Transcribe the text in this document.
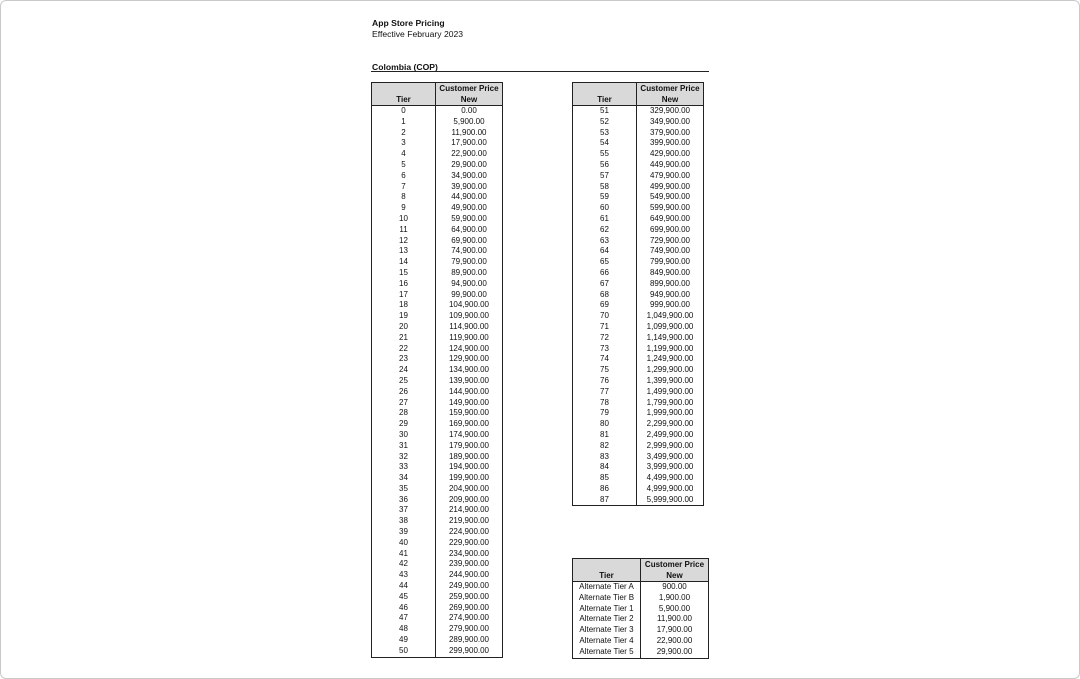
App Store Pricing
Effective February 2023
Colombia (COP)
	Customer Price
Tier	New
0	0.00
1	5,900.00
2	11,900.00
3	17,900.00
4	22,900.00
5	29,900.00
6	34,900.00
7	39,900.00
8	44,900.00
9	49,900.00
10	59,900.00
11	64,900.00
12	69,900.00
13	74,900.00
14	79,900.00
15	89,900.00
16	94,900.00
17	99,900.00
18	104,900.00
19	109,900.00
20	114,900.00
21	119,900.00
22	124,900.00
23	129,900.00
24	134,900.00
25	139,900.00
26	144,900.00
27	149,900.00
28	159,900.00
29	169,900.00
30	174,900.00
31	179,900.00
32	189,900.00
33	194,900.00
34	199,900.00
35	204,900.00
36	209,900.00
37	214,900.00
38	219,900.00
39	224,900.00
40	229,900.00
41	234,900.00
42	239,900.00
43	244,900.00
44	249,900.00
45	259,900.00
46	269,900.00
47	274,900.00
48	279,900.00
49	289,900.00
50	299,900.00
	Customer Price
Tier	New
51	329,900.00
52	349,900.00
53	379,900.00
54	399,900.00
55	429,900.00
56	449,900.00
57	479,900.00
58	499,900.00
59	549,900.00
60	599,900.00
61	649,900.00
62	699,900.00
63	729,900.00
64	749,900.00
65	799,900.00
66	849,900.00
67	899,900.00
68	949,900.00
69	999,900.00
70	1,049,900.00
71	1,099,900.00
72	1,149,900.00
73	1,199,900.00
74	1,249,900.00
75	1,299,900.00
76	1,399,900.00
77	1,499,900.00
78	1,799,900.00
79	1,999,900.00
80	2,299,900.00
81	2,499,900.00
82	2,999,900.00
83	3,499,900.00
84	3,999,900.00
85	4,499,900.00
86	4,999,900.00
87	5,999,900.00
	Customer Price
Tier	New
Alternate Tier A	900.00
Alternate Tier B	1,900.00
Alternate Tier 1	5,900.00
Alternate Tier 2	11,900.00
Alternate Tier 3	17,900.00
Alternate Tier 4	22,900.00
Alternate Tier 5	29,900.00
